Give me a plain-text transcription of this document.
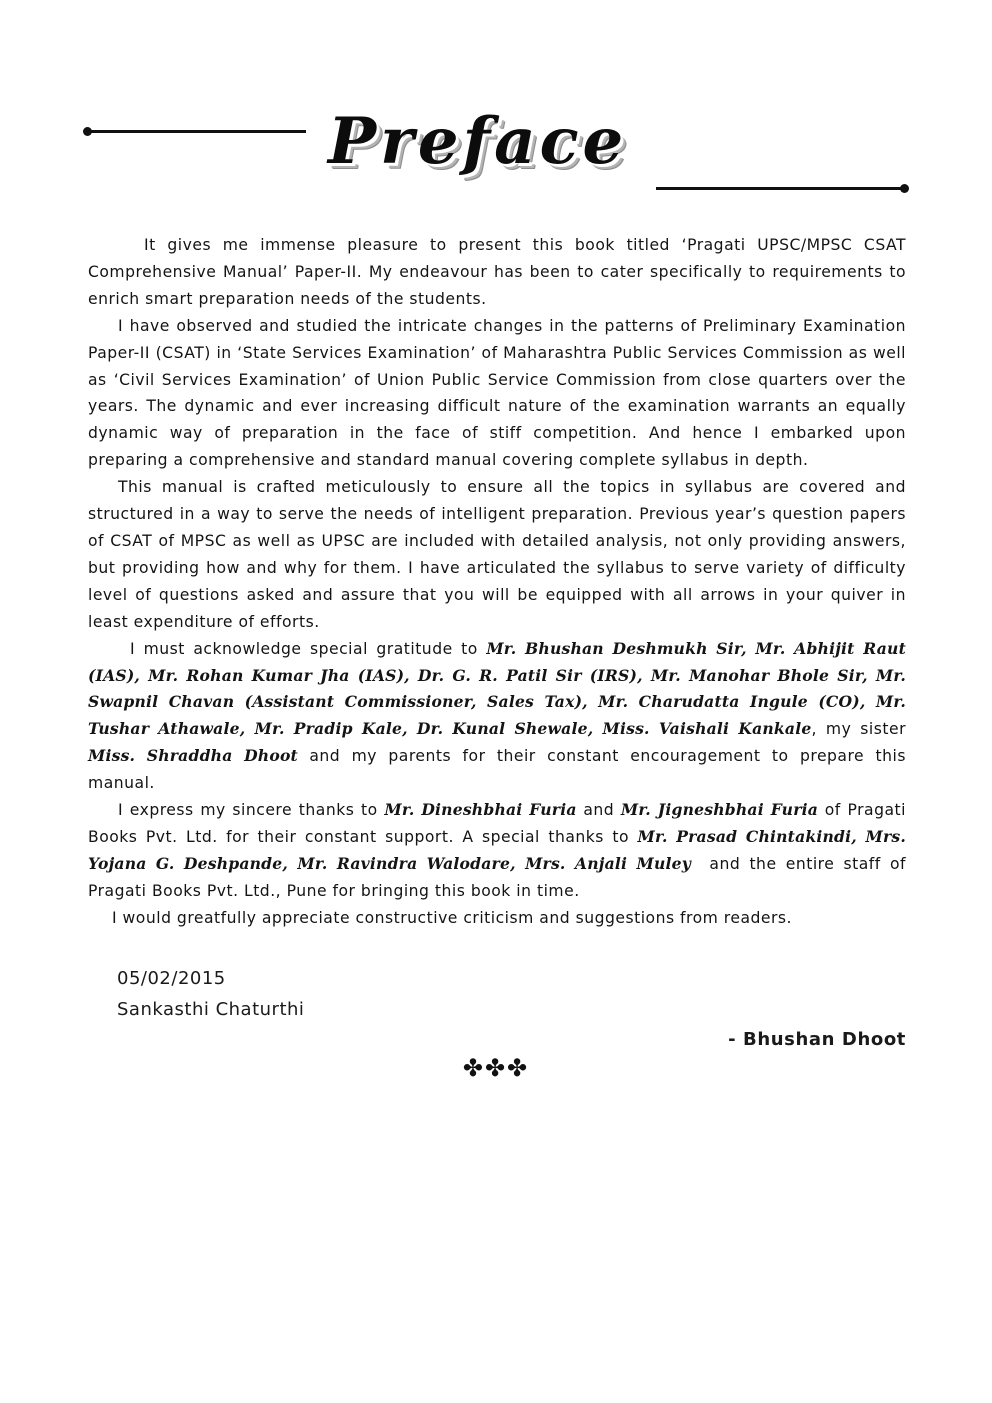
Preface

It gives me immense pleasure to present this book titled ‘Pragati UPSC/MPSC CSAT Comprehensive Manual’ Paper-II. My endeavour has been to cater specifically to requirements to enrich smart preparation needs of the students.

I have observed and studied the intricate changes in the patterns of Preliminary Examination Paper-II (CSAT) in ‘State Services Examination’ of Maharashtra Public Services Commission as well as ‘Civil Services Examination’ of Union Public Service Commission from close quarters over the years. The dynamic and ever increasing difficult nature of the examination warrants an equally dynamic way of preparation in the face of stiff competition. And hence I embarked upon preparing a comprehensive and standard manual covering complete syllabus in depth.

This manual is crafted meticulously to ensure all the topics in syllabus are covered and structured in a way to serve the needs of intelligent preparation. Previous year’s question papers of CSAT of MPSC as well as UPSC are included with detailed analysis, not only providing answers, but providing how and why for them. I have articulated the syllabus to serve variety of difficulty level of questions asked and assure that you will be equipped with all arrows in your quiver in least expenditure of efforts.

I must acknowledge special gratitude to Mr. Bhushan Deshmukh Sir, Mr. Abhijit Raut (IAS), Mr. Rohan Kumar Jha (IAS), Dr. G. R. Patil Sir (IRS), Mr. Manohar Bhole Sir, Mr. Swapnil Chavan (Assistant Commissioner, Sales Tax), Mr. Charudatta Ingule (CO), Mr. Tushar Athawale, Mr. Pradip Kale, Dr. Kunal Shewale, Miss. Vaishali Kankale, my sister Miss. Shraddha Dhoot and my parents for their constant encouragement to prepare this manual.

I express my sincere thanks to Mr. Dineshbhai Furia and Mr. Jigneshbhai Furia of Pragati Books Pvt. Ltd. for their constant support. A special thanks to Mr. Prasad Chintakindi, Mrs. Yojana G. Deshpande, Mr. Ravindra Walodare, Mrs. Anjali Muley and the entire staff of Pragati Books Pvt. Ltd., Pune for bringing this book in time.

I would greatfully appreciate constructive criticism and suggestions from readers.

05/02/2015
Sankasthi Chaturthi
- Bhushan Dhoot
✤✤✤
